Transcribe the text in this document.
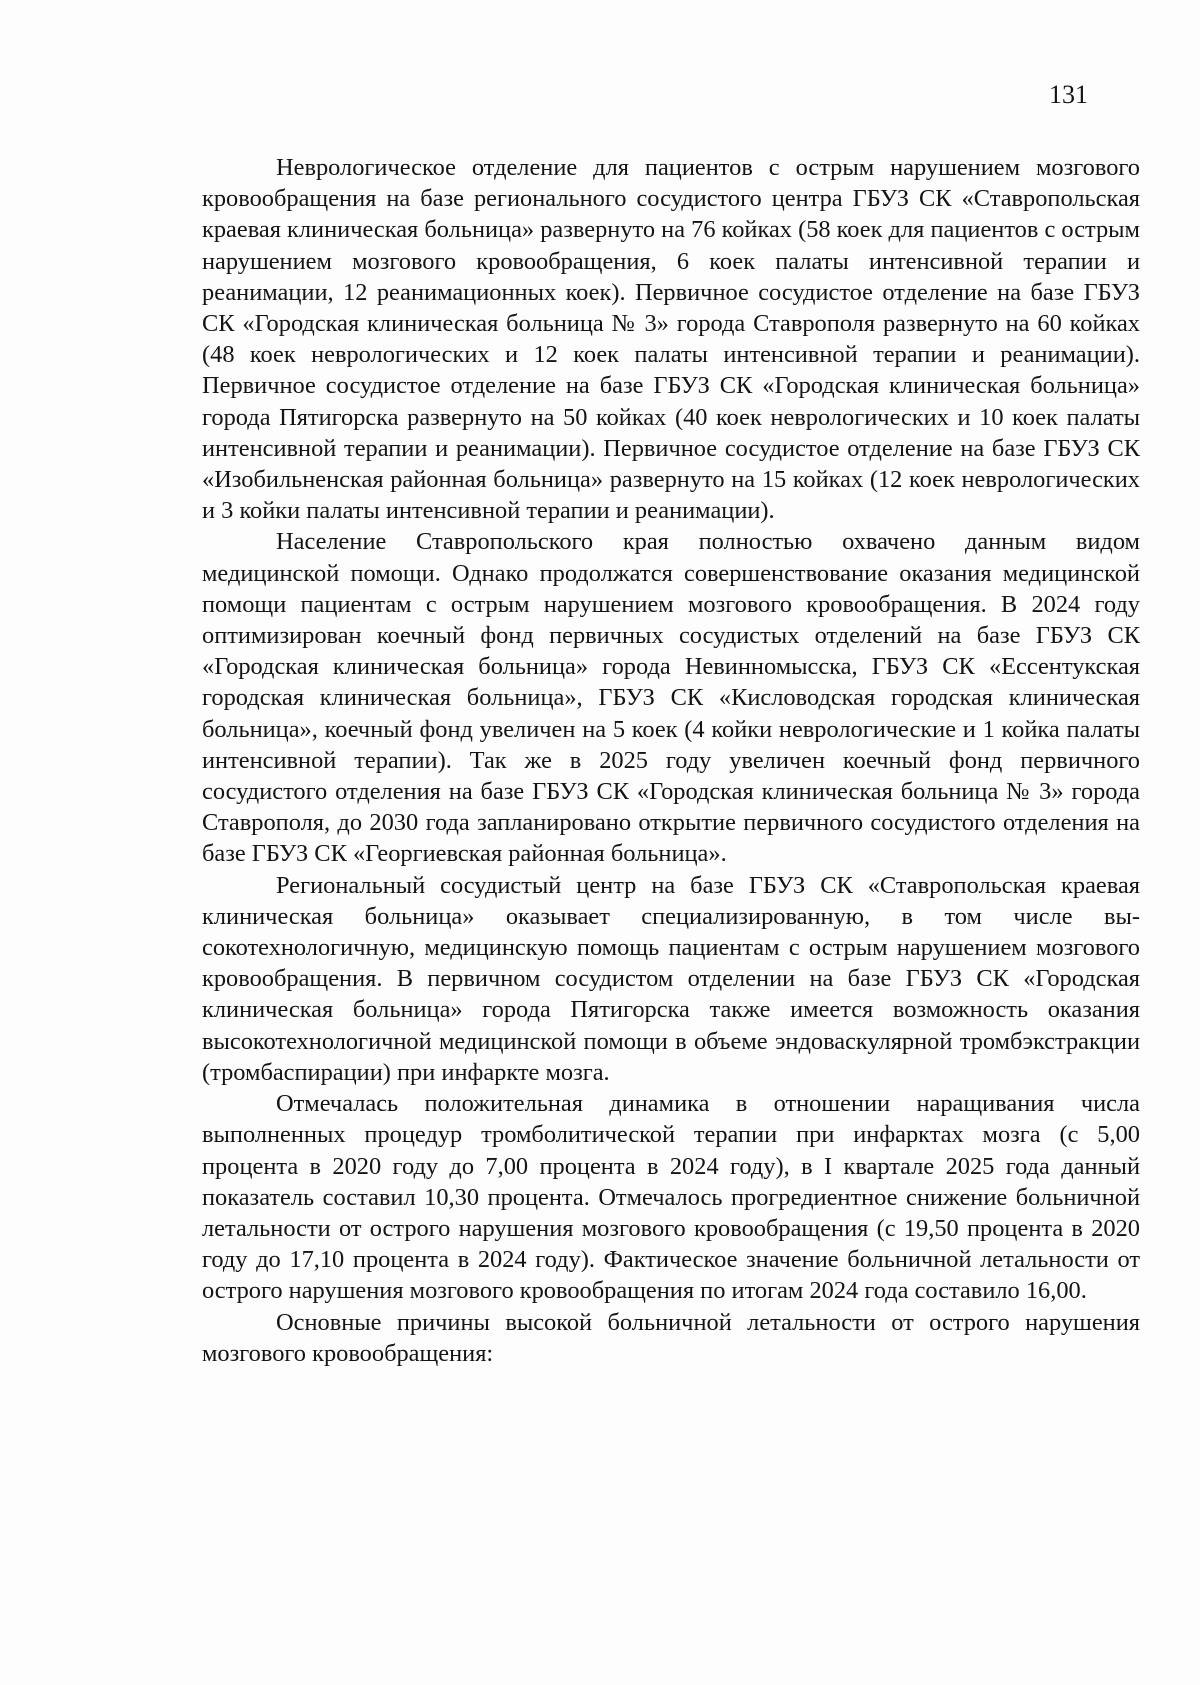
131

Неврологическое отделение для пациентов с острым нарушением мозгового кровообращения на базе регионального сосудистого центра ГБУЗ СК «Ставропольская краевая клиническая больница» развернуто на 76 койках (58 коек для пациентов с острым нарушением мозгового кровообращения, 6 коек палаты интенсивной терапии и реанимации, 12 реанимационных коек). Первичное сосудистое отделение на базе ГБУЗ СК «Городская клиническая больница № 3» города Ставрополя развернуто на 60 койках (48 коек неврологических и 12 коек палаты интенсивной терапии и реанимации). Первичное сосудистое отделение на базе ГБУЗ СК «Городская клиническая больница» города Пятигорска развернуто на 50 койках (40 коек неврологических и 10 коек палаты интенсивной терапии и реанимации). Первичное сосудистое отделение на базе ГБУЗ СК «Изобильненская районная больница» развернуто на 15 койках (12 коек неврологических и 3 койки палаты интенсивной терапии и реанимации).

Население Ставропольского края полностью охвачено данным видом медицинской помощи. Однако продолжатся совершенствование оказания медицинской помощи пациентам с острым нарушением мозгового кровообращения. В 2024 году оптимизирован коечный фонд первичных сосудистых отделений на базе ГБУЗ СК «Городская клиническая больница» города Невинномысска, ГБУЗ СК «Ессентукская городская клиническая больница», ГБУЗ СК «Кисловодская городская клиническая больница», коечный фонд увеличен на 5 коек (4 койки неврологические и 1 койка палаты интенсивной терапии). Так же в 2025 году увеличен коечный фонд первичного сосудистого отделения на базе ГБУЗ СК «Городская клиническая больница № 3» города Ставрополя, до 2030 года запланировано открытие первичного сосудистого отделения на базе ГБУЗ СК «Георгиевская районная больница».

Региональный сосудистый центр на базе ГБУЗ СК «Ставропольская краевая клиническая больница» оказывает специализированную, в том числе высокотехнологичную, медицинскую помощь пациентам с острым нарушением мозгового кровообращения. В первичном сосудистом отделении на базе ГБУЗ СК «Городская клиническая больница» города Пятигорска также имеется возможность оказания высокотехнологичной медицинской помощи в объеме эндоваскулярной тромбэкстракции (тромбаспирации) при инфаркте мозга.

Отмечалась положительная динамика в отношении наращивания числа выполненных процедур тромболитической терапии при инфарктах мозга (с 5,00 процента в 2020 году до 7,00 процента в 2024 году), в I квартале 2025 года данный показатель составил 10,30 процента. Отмечалось прогредиентное снижение больничной летальности от острого нарушения мозгового кровообращения (с 19,50 процента в 2020 году до 17,10 процента в 2024 году). Фактическое значение больничной летальности от острого нарушения мозгового кровообращения по итогам 2024 года составило 16,00.

Основные причины высокой больничной летальности от острого нарушения мозгового кровообращения:
